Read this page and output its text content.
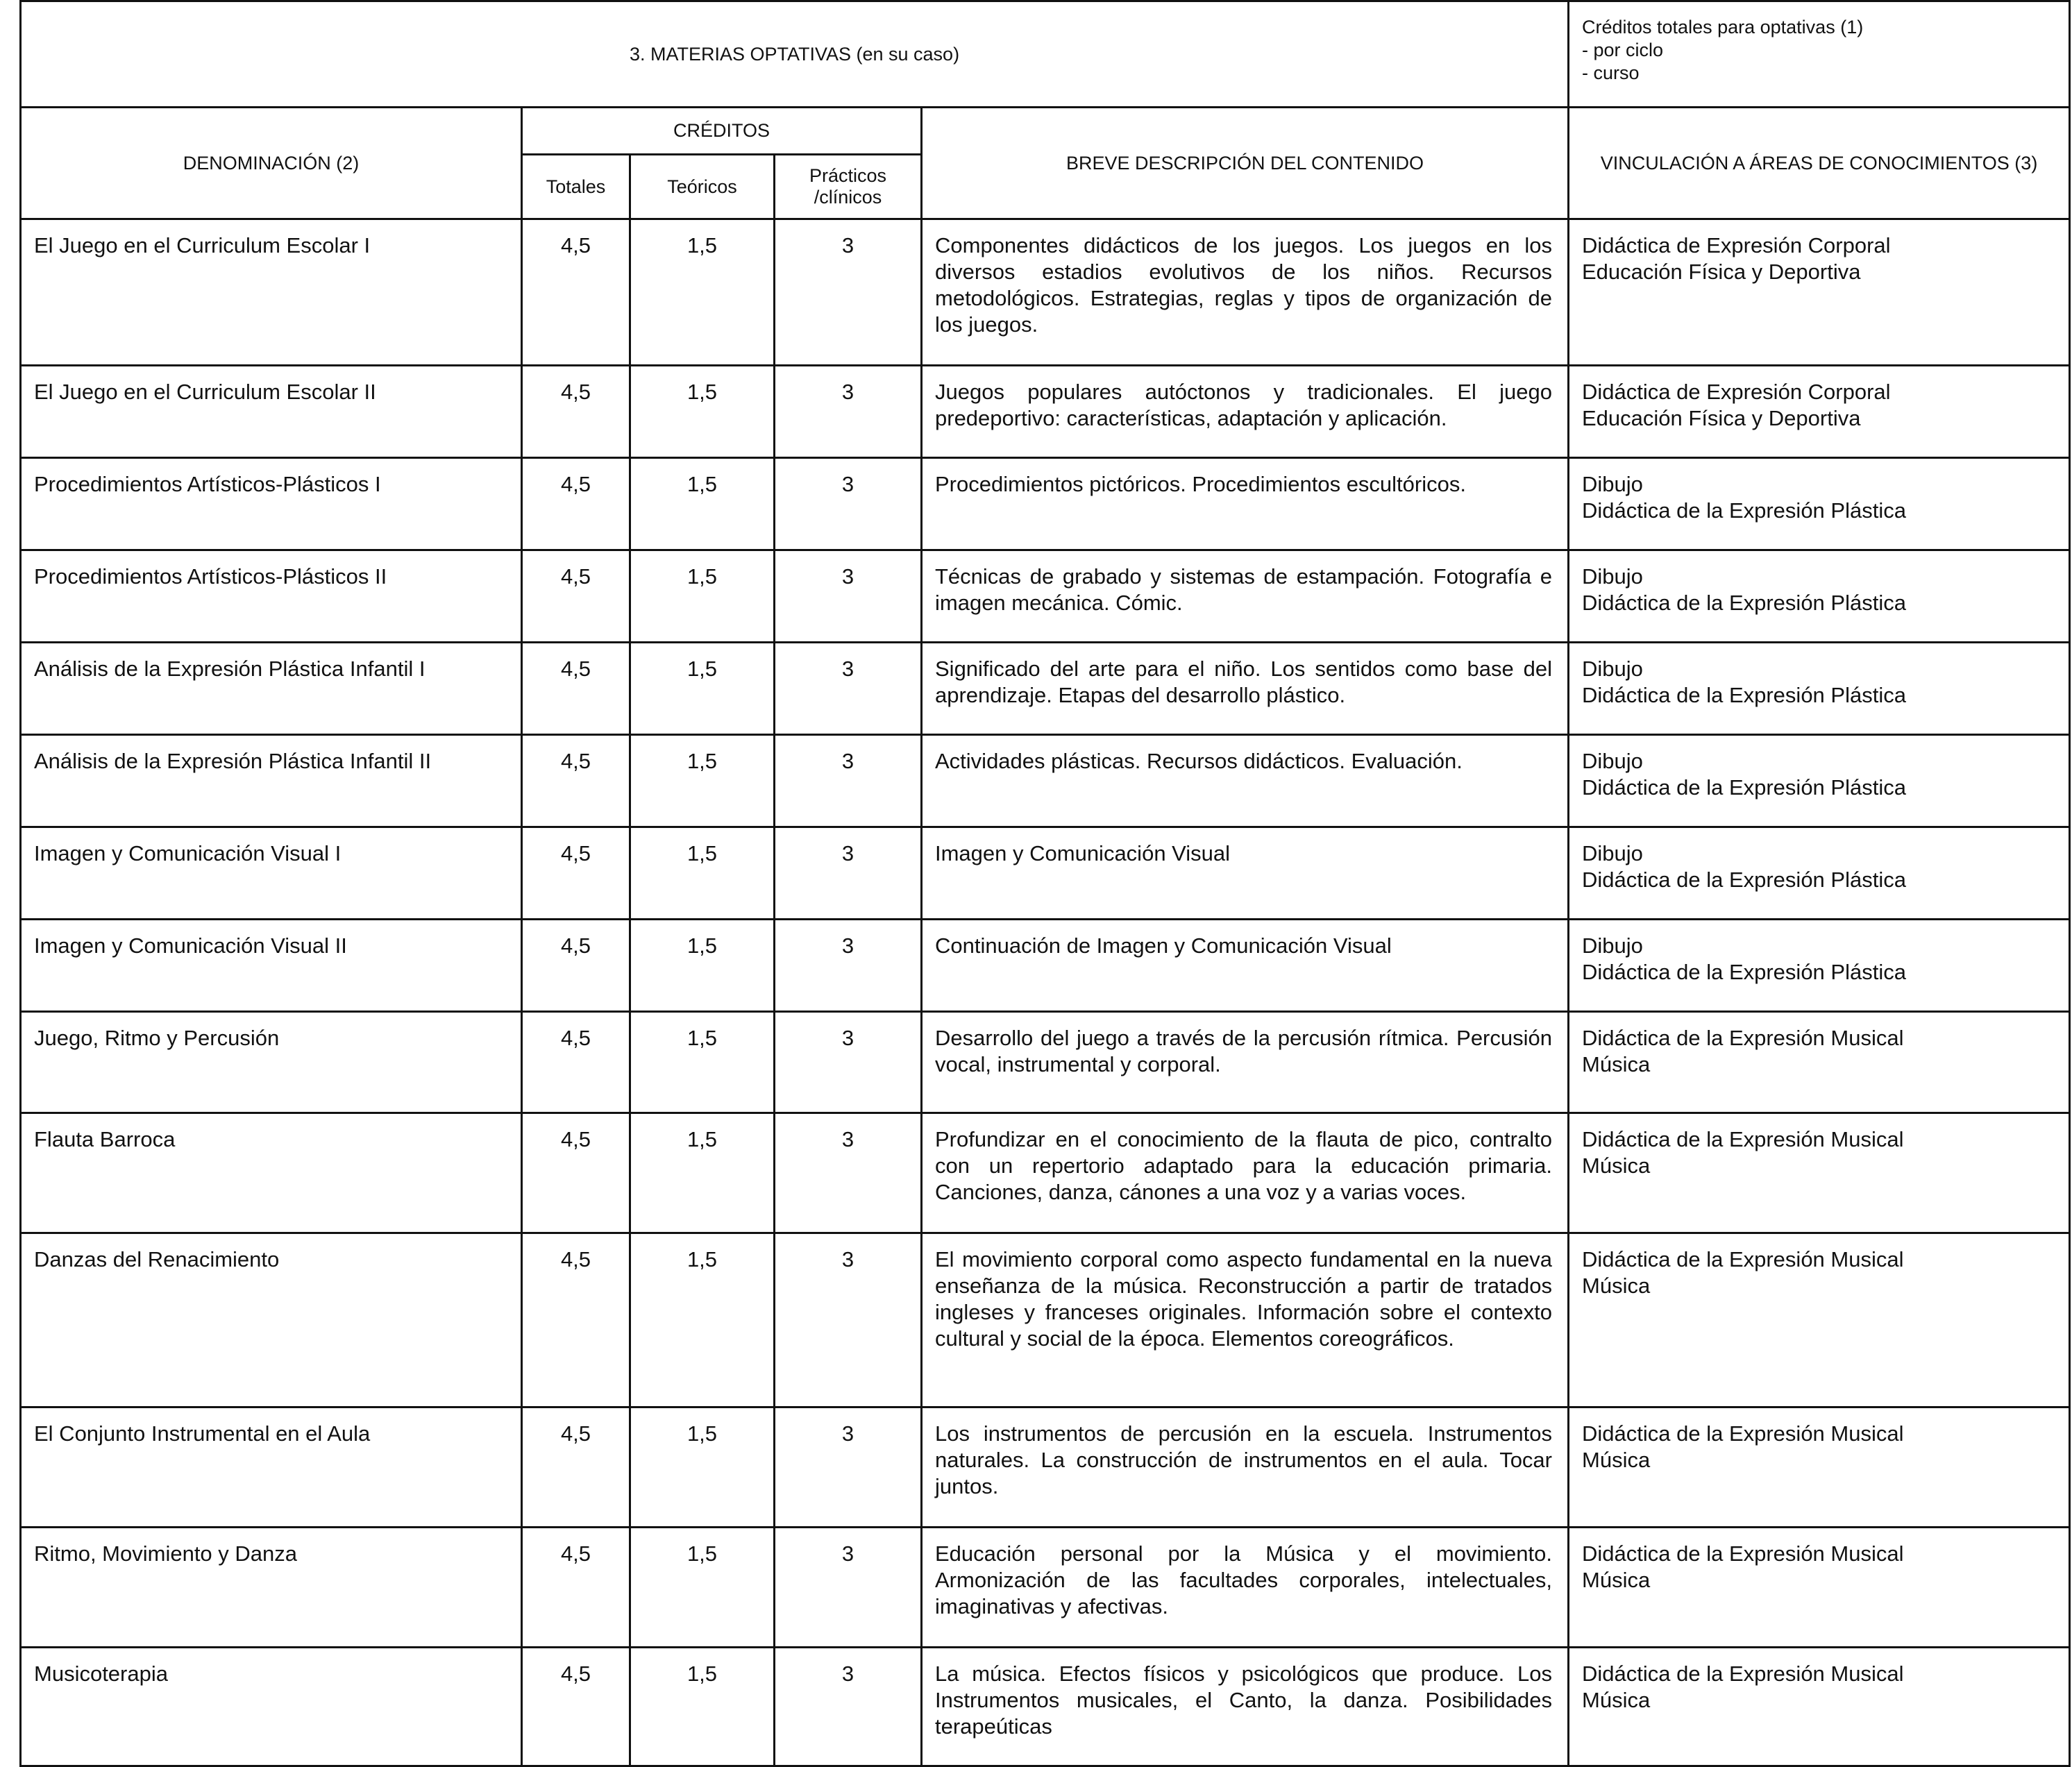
3. MATERIAS OPTATIVAS (en su caso)					Créditos totales para optativas (1)
- por ciclo
- curso

DENOMINACIÓN (2)	CRÉDITOS			BREVE DESCRIPCIÓN DEL CONTENIDO	VINCULACIÓN A ÁREAS DE CONOCIMIENTOS (3)
	Totales	Teóricos	Prácticos
/clínicos		

El Juego en el Curriculum Escolar I	4,5	1,5	3	Componentes didácticos de los juegos. Los juegos en los diversos estadios evolutivos de los niños. Recursos metodológicos. Estrategias, reglas y tipos de organización de los juegos.	Didáctica de Expresión Corporal
Educación Física y Deportiva

El Juego en el Curriculum Escolar II	4,5	1,5	3	Juegos populares autóctonos y tradicionales. El juego predeportivo: características, adaptación y aplicación.	Didáctica de Expresión Corporal
Educación Física y Deportiva

Procedimientos Artísticos-Plásticos I	4,5	1,5	3	Procedimientos pictóricos. Procedimientos escultóricos.	Dibujo
Didáctica de la Expresión Plástica

Procedimientos Artísticos-Plásticos II	4,5	1,5	3	Técnicas de grabado y sistemas de estampación. Fotografía e imagen mecánica. Cómic.	Dibujo
Didáctica de la Expresión Plástica

Análisis de la Expresión Plástica Infantil I	4,5	1,5	3	Significado del arte para el niño. Los sentidos como base del aprendizaje. Etapas del desarrollo plástico.	Dibujo
Didáctica de la Expresión Plástica

Análisis de la Expresión Plástica Infantil II	4,5	1,5	3	Actividades plásticas. Recursos didácticos. Evaluación.	Dibujo
Didáctica de la Expresión Plástica

Imagen y Comunicación Visual I	4,5	1,5	3	Imagen y Comunicación Visual	Dibujo
Didáctica de la Expresión Plástica

Imagen y Comunicación Visual II	4,5	1,5	3	Continuación de Imagen y Comunicación Visual	Dibujo
Didáctica de la Expresión Plástica

Juego, Ritmo y Percusión	4,5	1,5	3	Desarrollo del juego a través de la percusión rítmica. Percusión vocal, instrumental y corporal.	Didáctica de la Expresión Musical
Música

Flauta Barroca	4,5	1,5	3	Profundizar en el conocimiento de la flauta de pico, contralto con un repertorio adaptado para la educación primaria. Canciones, danza, cánones a una voz y a varias voces.	Didáctica de la Expresión Musical
Música

Danzas del Renacimiento	4,5	1,5	3	El movimiento corporal como aspecto fundamental en la nueva enseñanza de la música. Reconstrucción a partir de tratados ingleses y franceses originales. Información sobre el contexto cultural y social de la época. Elementos coreográficos.	Didáctica de la Expresión Musical
Música

El Conjunto Instrumental en el Aula	4,5	1,5	3	Los instrumentos de percusión en la escuela. Instrumentos naturales. La construcción de instrumentos en el aula. Tocar juntos.	Didáctica de la Expresión Musical
Música

Ritmo, Movimiento y Danza	4,5	1,5	3	Educación personal por la Música y el movimiento. Armonización de las facultades corporales, intelectuales, imaginativas y afectivas.	Didáctica de la Expresión Musical
Música

Musicoterapia	4,5	1,5	3	La música. Efectos físicos y psicológicos que produce. Los Instrumentos musicales, el Canto, la danza. Posibilidades terapeúticas	Didáctica de la Expresión Musical
Música
